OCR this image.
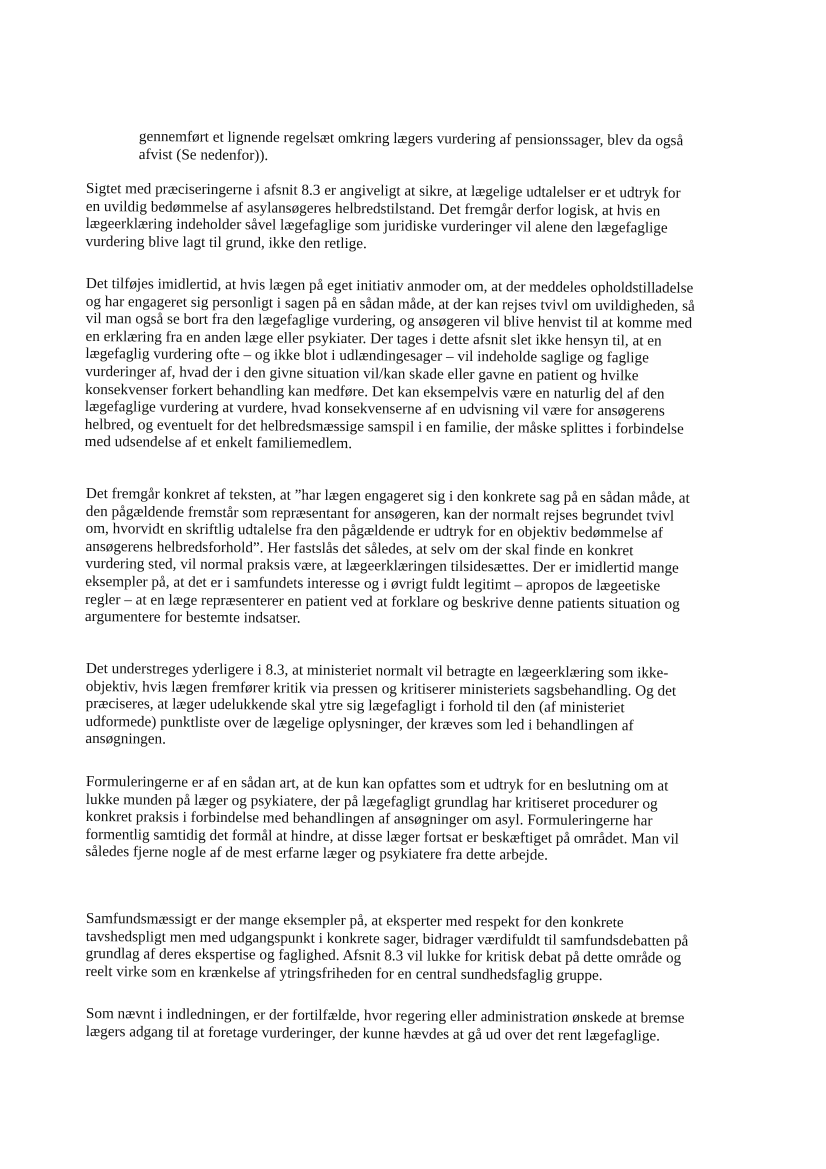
gennemført et lignende regelsæt omkring lægers vurdering af pensionssager, blev da også
afvist (Se nedenfor)).
Sigtet med præciseringerne i afsnit 8.3 er angiveligt at sikre, at lægelige udtalelser er et udtryk for
en uvildig bedømmelse af asylansøgeres helbredstilstand. Det fremgår derfor logisk, at hvis en
lægeerklæring indeholder såvel lægefaglige som juridiske vurderinger vil alene den lægefaglige
vurdering blive lagt til grund, ikke den retlige.
Det tilføjes imidlertid, at hvis lægen på eget initiativ anmoder om, at der meddeles opholdstilladelse
og har engageret sig personligt i sagen på en sådan måde, at der kan rejses tvivl om uvildigheden, så
vil man også se bort fra den lægefaglige vurdering, og ansøgeren vil blive henvist til at komme med
en erklæring fra en anden læge eller psykiater. Der tages i dette afsnit slet ikke hensyn til, at en
lægefaglig vurdering ofte – og ikke blot i udlændingesager – vil indeholde saglige og faglige
vurderinger af, hvad der i den givne situation vil/kan skade eller gavne en patient og hvilke
konsekvenser forkert behandling kan medføre. Det kan eksempelvis være en naturlig del af den
lægefaglige vurdering at vurdere, hvad konsekvenserne af en udvisning vil være for ansøgerens
helbred, og eventuelt for det helbredsmæssige samspil i en familie, der måske splittes i forbindelse
med udsendelse af et enkelt familiemedlem.
Det fremgår konkret af teksten, at ”har lægen engageret sig i den konkrete sag på en sådan måde, at
den pågældende fremstår som repræsentant for ansøgeren, kan der normalt rejses begrundet tvivl
om, hvorvidt en skriftlig udtalelse fra den pågældende er udtryk for en objektiv bedømmelse af
ansøgerens helbredsforhold”. Her fastslås det således, at selv om der skal finde en konkret
vurdering sted, vil normal praksis være, at lægeerklæringen tilsidesættes. Der er imidlertid mange
eksempler på, at det er i samfundets interesse og i øvrigt fuldt legitimt – apropos de lægeetiske
regler – at en læge repræsenterer en patient ved at forklare og beskrive denne patients situation og
argumentere for bestemte indsatser.
Det understreges yderligere i 8.3, at ministeriet normalt vil betragte en lægeerklæring som ikke-
objektiv, hvis lægen fremfører kritik via pressen og kritiserer ministeriets sagsbehandling. Og det
præciseres, at læger udelukkende skal ytre sig lægefagligt i forhold til den (af ministeriet
udformede) punktliste over de lægelige oplysninger, der kræves som led i behandlingen af
ansøgningen.
Formuleringerne er af en sådan art, at de kun kan opfattes som et udtryk for en beslutning om at
lukke munden på læger og psykiatere, der på lægefagligt grundlag har kritiseret procedurer og
konkret praksis i forbindelse med behandlingen af ansøgninger om asyl. Formuleringerne har
formentlig samtidig det formål at hindre, at disse læger fortsat er beskæftiget på området. Man vil
således fjerne nogle af de mest erfarne læger og psykiatere fra dette arbejde.
Samfundsmæssigt er der mange eksempler på, at eksperter med respekt for den konkrete
tavshedspligt men med udgangspunkt i konkrete sager, bidrager værdifuldt til samfundsdebatten på
grundlag af deres ekspertise og faglighed. Afsnit 8.3 vil lukke for kritisk debat på dette område og
reelt virke som en krænkelse af ytringsfriheden for en central sundhedsfaglig gruppe.
Som nævnt i indledningen, er der fortilfælde, hvor regering eller administration ønskede at bremse
lægers adgang til at foretage vurderinger, der kunne hævdes at gå ud over det rent lægefaglige.
